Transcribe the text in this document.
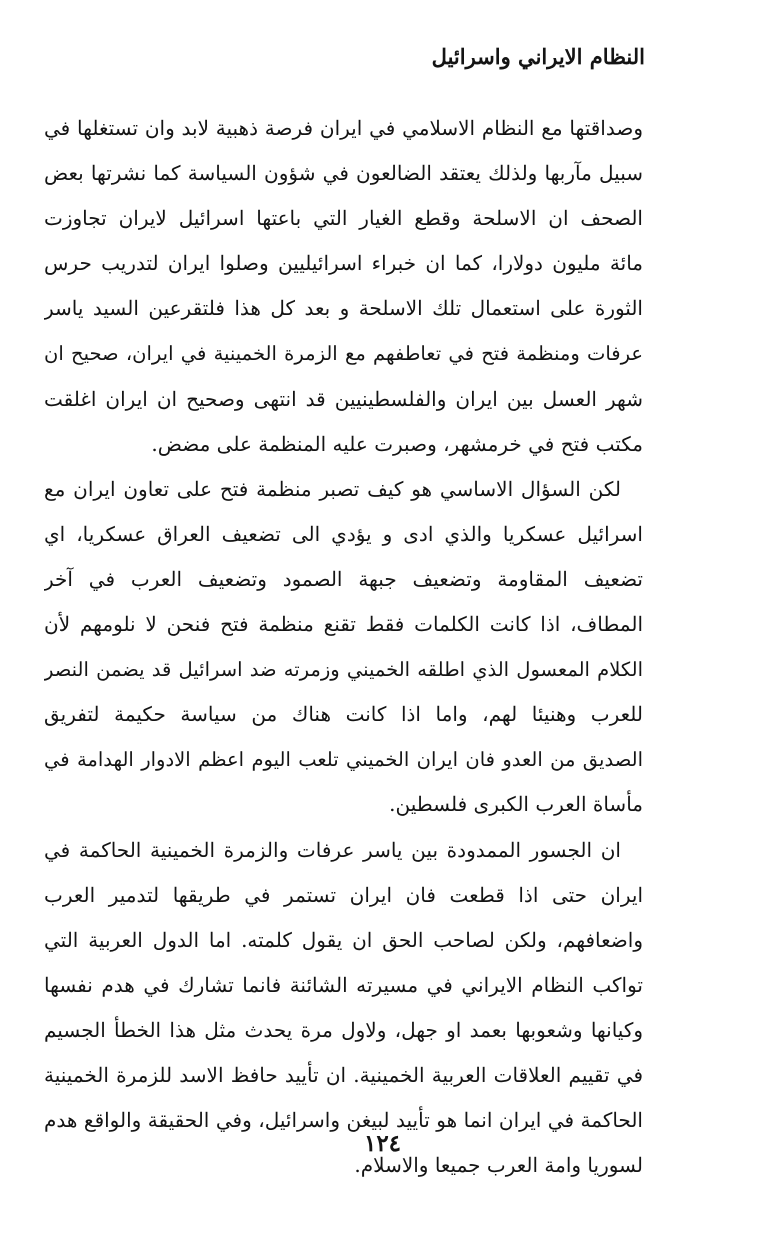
النظام الايراني واسرائيل
وصداقتها مع النظام الاسلامي في ايران فرصة ذهبية لابد وان تستغلها في
سبيل مآربها ولذلك يعتقد الضالعون في شؤون السياسة كما نشرتها بعض
الصحف ان الاسلحة وقطع الغيار التي باعتها اسرائيل لايران تجاوزت
مائة مليون دولارا، كما ان خبراء اسرائيليين وصلوا ايران لتدريب حرس
الثورة على استعمال تلك الاسلحة و بعد كل هذا فلتقرعين السيد ياسر
عرفات ومنظمة فتح في تعاطفهم مع الزمرة الخمينية في ايران، صحيح ان
شهر العسل بين ايران والفلسطينيين قد انتهى وصحيح ان ايران اغلقت
مكتب فتح في خرمشهر، وصبرت عليه المنظمة على مضض.
لكن السؤال الاساسي هو كيف تصبر منظمة فتح على تعاون ايران مع
اسرائيل عسكريا والذي ادى و يؤدي الى تضعيف العراق عسكريا، اي
تضعيف المقاومة وتضعيف جبهة الصمود وتضعيف العرب في آخر
المطاف، اذا كانت الكلمات فقط تقنع منظمة فتح فنحن لا نلومهم لأن
الكلام المعسول الذي اطلقه الخميني وزمرته ضد اسرائيل قد يضمن النصر
للعرب وهنيئا لهم، واما اذا كانت هناك من سياسة حكيمة لتفريق
الصديق من العدو فان ايران الخميني تلعب اليوم اعظم الادوار الهدامة في
مأساة العرب الكبرى فلسطين.
ان الجسور الممدودة بين ياسر عرفات والزمرة الخمينية الحاكمة في
ايران حتى اذا قطعت فان ايران تستمر في طريقها لتدمير العرب
واضعافهم، ولكن لصاحب الحق ان يقول كلمته. اما الدول العربية التي
تواكب النظام الايراني في مسيرته الشائنة فانما تشارك في هدم نفسها
وكيانها وشعوبها بعمد او جهل، ولاول مرة يحدث مثل هذا الخطأ الجسيم
في تقييم العلاقات العربية الخمينية. ان تأييد حافظ الاسد للزمرة الخمينية
الحاكمة في ايران انما هو تأييد لبيغن واسرائيل، وفي الحقيقة والواقع هدم
لسوريا وامة العرب جميعا والاسلام.
١٢٤
